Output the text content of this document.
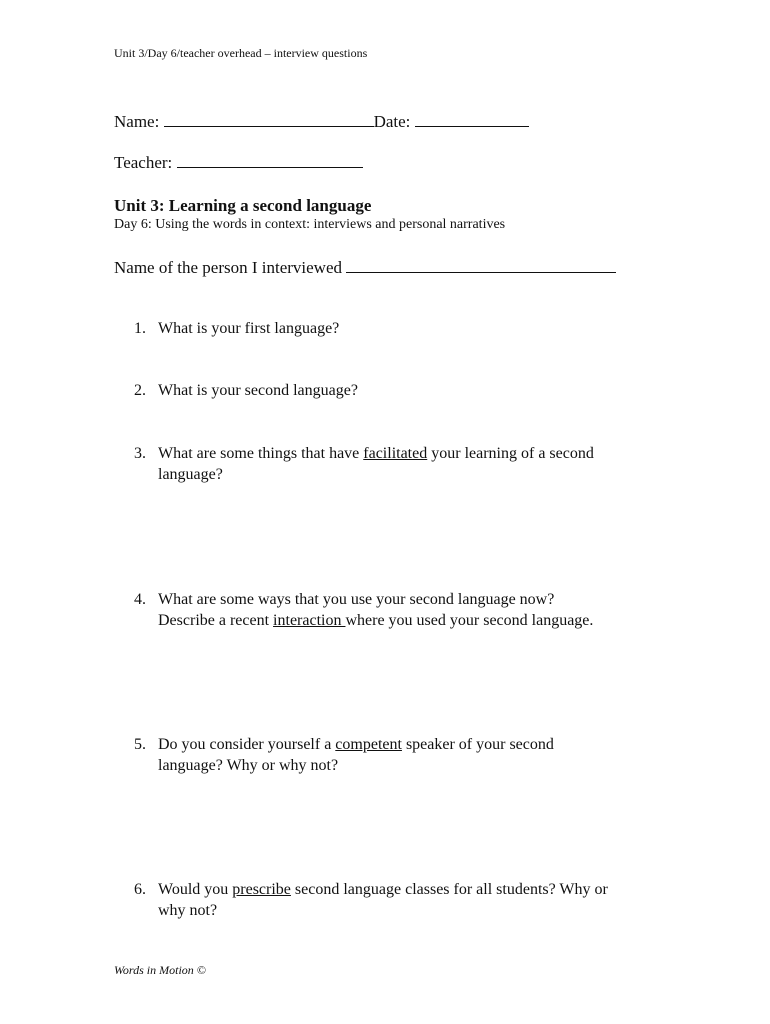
Unit 3/Day 6/teacher overhead – interview questions
Name:	Date:
Teacher:
Unit 3: Learning a second language
Day 6: Using the words in context: interviews and personal narratives
Name of the person I interviewed
1. What is your first language?
2. What is your second language?
3. What are some things that have facilitated your learning of a second
language?
4. What are some ways that you use your second language now?
Describe a recent interaction where you used your second language.
5. Do you consider yourself a competent speaker of your second
language? Why or why not?
6. Would you prescribe second language classes for all students? Why or
why not?
Words in Motion ©
